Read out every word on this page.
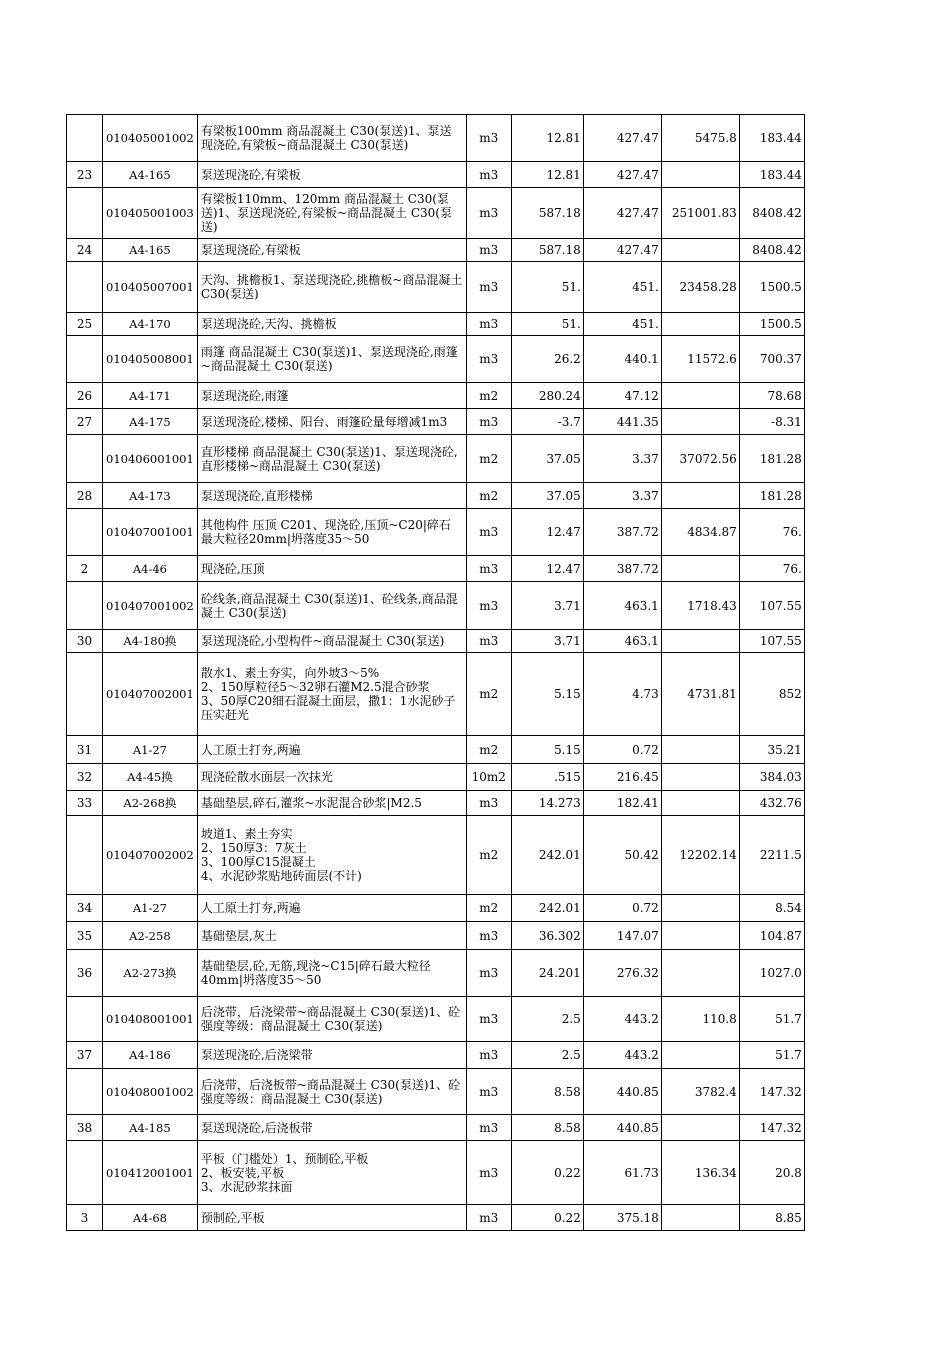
	010405001002	有梁板100mm 商品混凝土 C30(泵送)1、泵送现浇砼,有梁板~商品混凝土 C30(泵送)	m3	12.81	427.47	5475.8	183.44
23	A4-165	泵送现浇砼,有梁板	m3	12.81	427.47		183.44
	010405001003	有梁板110mm、120mm 商品混凝土 C30(泵送)1、泵送现浇砼,有梁板~商品混凝土 C30(泵送)	m3	587.18	427.47	251001.83	8408.42
24	A4-165	泵送现浇砼,有梁板	m3	587.18	427.47		8408.42
	010405007001	天沟、挑檐板1、泵送现浇砼,挑檐板~商品混凝土 C30(泵送)	m3	51.	451.	23458.28	1500.5
25	A4-170	泵送现浇砼,天沟、挑檐板	m3	51.	451.		1500.5
	010405008001	雨篷 商品混凝土 C30(泵送)1、泵送现浇砼,雨篷~商品混凝土 C30(泵送)	m3	26.2	440.1	11572.6	700.37
26	A4-171	泵送现浇砼,雨篷	m2	280.24	47.12		78.68
27	A4-175	泵送现浇砼,楼梯、阳台、雨篷砼量每增减1m3	m3	-3.7	441.35		-8.31
	010406001001	直形楼梯 商品混凝土 C30(泵送)1、泵送现浇砼,直形楼梯~商品混凝土 C30(泵送)	m2	37.05	3.37	37072.56	181.28
28	A4-173	泵送现浇砼,直形楼梯	m2	37.05	3.37		181.28
	010407001001	其他构件 压顶 C201、现浇砼,压顶~C20|碎石最大粒径20mm|坍落度35～50	m3	12.47	387.72	4834.87	76.
2	A4-46	现浇砼,压顶	m3	12.47	387.72		76.
	010407001002	砼线条,商品混凝土 C30(泵送)1、砼线条,商品混凝土 C30(泵送)	m3	3.71	463.1	1718.43	107.55
30	A4-180换	泵送现浇砼,小型构件~商品混凝土 C30(泵送)	m3	3.71	463.1		107.55
	010407002001	散水1、素土夯实，向外坡3～5%
2、150厚粒径5～32卵石灌M2.5混合砂浆
3、50厚C20细石混凝土面层，撒1：1水泥砂子压实赶光	m2	5.15	4.73	4731.81	852
31	A1-27	人工原土打夯,两遍	m2	5.15	0.72		35.21
32	A4-45换	现浇砼散水面层一次抹光	10m2	.515	216.45		384.03
33	A2-268换	基础垫层,碎石,灌浆~水泥混合砂浆|M2.5	m3	14.273	182.41		432.76
	010407002002	坡道1、素土夯实
2、150厚3：7灰土
3、100厚C15混凝土
4、水泥砂浆贴地砖面层(不计)	m2	242.01	50.42	12202.14	2211.5
34	A1-27	人工原土打夯,两遍	m2	242.01	0.72		8.54
35	A2-258	基础垫层,灰土	m3	36.302	147.07		104.87
36	A2-273换	基础垫层,砼,无筋,现浇~C15|碎石最大粒径40mm|坍落度35～50	m3	24.201	276.32		1027.0
	010408001001	后浇带，后浇梁带~商品混凝土 C30(泵送)1、砼强度等级：商品混凝土 C30(泵送)	m3	2.5	443.2	110.8	51.7
37	A4-186	泵送现浇砼,后浇梁带	m3	2.5	443.2		51.7
	010408001002	后浇带，后浇板带~商品混凝土 C30(泵送)1、砼强度等级：商品混凝土 C30(泵送)	m3	8.58	440.85	3782.4	147.32
38	A4-185	泵送现浇砼,后浇板带	m3	8.58	440.85		147.32
	010412001001	平板（门槛处）1、预制砼,平板
2、板安装,平板
3、水泥砂浆抹面	m3	0.22	61.73	136.34	20.8
3	A4-68	预制砼,平板	m3	0.22	375.18		8.85
